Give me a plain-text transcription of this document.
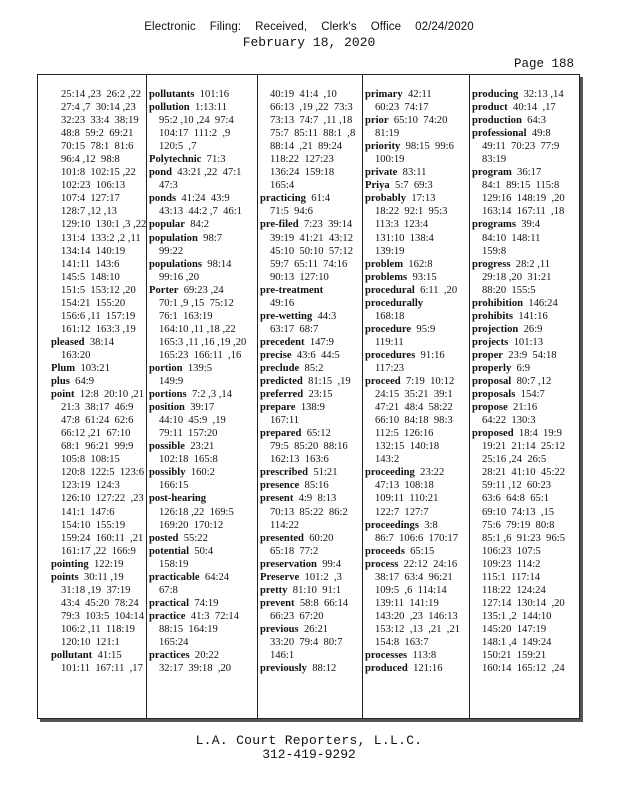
Electronic Filing: Received, Clerk's Office 02/24/2020
February 18, 2020
Page 188
25:14 ,23  26:2 ,22
27:4 ,7  30:14 ,23
32:23  33:4  38:19
48:8  59:2  69:21
70:15  78:1  81:6
96:4 ,12  98:8
101:8  102:15 ,22
102:23  106:13
107:4  127:17
128:7 ,12 ,13
129:10  130:1 ,3 ,22
131:4  133:2 ,2 ,11
134:14  140:19
141:11  143:6
145:5  148:10
151:5  153:12 ,20
154:21  155:20
156:6 ,11  157:19
161:12  163:3 ,19
pleased 38:14
163:20
Plum 103:21
plus 64:9
point 12:8  20:10 ,21
21:3  38:17  46:9
47:8  61:24  62:6
66:12 ,21  67:10
68:1  96:21  99:9
105:8  108:15
120:8  122:5  123:6
123:19  124:3
126:10  127:22  ,23
141:1  147:6
154:10  155:19
159:24  160:11  ,21
161:17 ,22  166:9
pointing 122:19
points 30:11 ,19
31:18 ,19  37:19
43:4  45:20  78:24
79:3  103:5  104:14
106:2 ,11  118:19
120:10  121:1
pollutant 41:15
101:11  167:11  ,17
pollutants 101:16
pollution 1:13:11
95:2 ,10 ,24  97:4
104:17  111:2  ,9
120:5  ,7
Polytechnic 71:3
pond 43:21 ,22  47:1
47:3
ponds 41:24  43:9
43:13  44:2 ,7  46:1
popular 84:2
population 98:7
99:22
populations 98:14
99:16 ,20
Porter 69:23 ,24
70:1 ,9 ,15  75:12
76:1  163:19
164:10 ,11 ,18 ,22
165:3 ,11 ,16 ,19 ,20
165:23  166:11  ,16
portion 139:5
149:9
portions 7:2 ,3 ,14
position 39:17
44:10  45:9  ,19
79:11  157:20
possible 23:21
102:18  165:8
possibly 160:2
166:15
post-hearing
126:18 ,22  169:5
169:20  170:12
posted 55:22
potential 50:4
158:19
practicable 64:24
67:8
practical 74:19
practice 41:3  72:14
88:15  164:19
165:24
practices 20:22
32:17  39:18  ,20
40:19  41:4  ,10
66:13  ,19 ,22  73:3
73:13  74:7  ,11 ,18
75:7  85:11  88:1  ,8
88:14  ,21  89:24
118:22  127:23
136:24  159:18
165:4
practicing 61:4
71:5  94:6
pre-filed 7:23  39:14
39:19  41:21  43:12
45:10  50:10  57:12
59:7  65:11  74:16
90:13  127:10
pre-treatment
49:16
pre-wetting 44:3
63:17  68:7
precedent 147:9
precise 43:6  44:5
preclude 85:2
predicted 81:15  ,19
preferred 23:15
prepare 138:9
167:11
prepared 65:12
79:5  85:20  88:16
162:13  163:6
prescribed 51:21
presence 85:16
present 4:9  8:13
70:13  85:22  86:2
114:22
presented 60:20
65:18  77:2
preservation 99:4
Preserve 101:2  ,3
pretty 81:10  91:1
prevent 58:8  66:14
66:23  67:20
previous 26:21
33:20  79:4  80:7
146:1
previously 88:12
primary 42:11
60:23  74:17
prior 65:10  74:20
81:19
priority 98:15  99:6
100:19
private 83:11
Priya 5:7  69:3
probably 17:13
18:22  92:1  95:3
113:3  123:4
131:10  138:4
139:19
problem 162:8
problems 93:15
procedural 6:11  ,20
procedurally
168:18
procedure 95:9
119:11
procedures 91:16
117:23
proceed 7:19  10:12
24:15  35:21  39:1
47:21  48:4  58:22
66:10  84:18  98:3
112:5  126:16
132:15  140:18
143:2
proceeding 23:22
47:13  108:18
109:11  110:21
122:7  127:7
proceedings 3:8
86:7  106:6  170:17
proceeds 65:15
process 22:12  24:16
38:17  63:4  96:21
109:5  ,6  114:14
139:11  141:19
143:20  ,23  146:13
153:12  ,13  ,21  ,21
154:8  163:7
processes 113:8
produced 121:16
producing 32:13 ,14
product 40:14  ,17
production 64:3
professional 49:8
49:11  70:23  77:9
83:19
program 36:17
84:1  89:15  115:8
129:16  148:19  ,20
163:14  167:11  ,18
programs 39:4
84:10  148:11
159:8
progress 28:2 ,11
29:18 ,20  31:21
88:20  155:5
prohibition 146:24
prohibits 141:16
projection 26:9
projects 101:13
proper 23:9  54:18
properly 6:9
proposal 80:7 ,12
proposals 154:7
propose 21:16
64:22  130:3
proposed 18:4  19:9
19:21  21:14  25:12
25:16 ,24  26:5
28:21  41:10  45:22
59:11 ,12  60:23
63:6  64:8  65:1
69:10  74:13  ,15
75:6  79:19  80:8
85:1 ,6  91:23  96:5
106:23  107:5
109:23  114:2
115:1  117:14
118:22  124:24
127:14  130:14  ,20
135:1 ,2  144:10
145:20  147:19
148:1 ,4  149:24
150:21  159:21
160:14  165:12  ,24
L.A. Court Reporters, L.L.C.
312-419-9292
